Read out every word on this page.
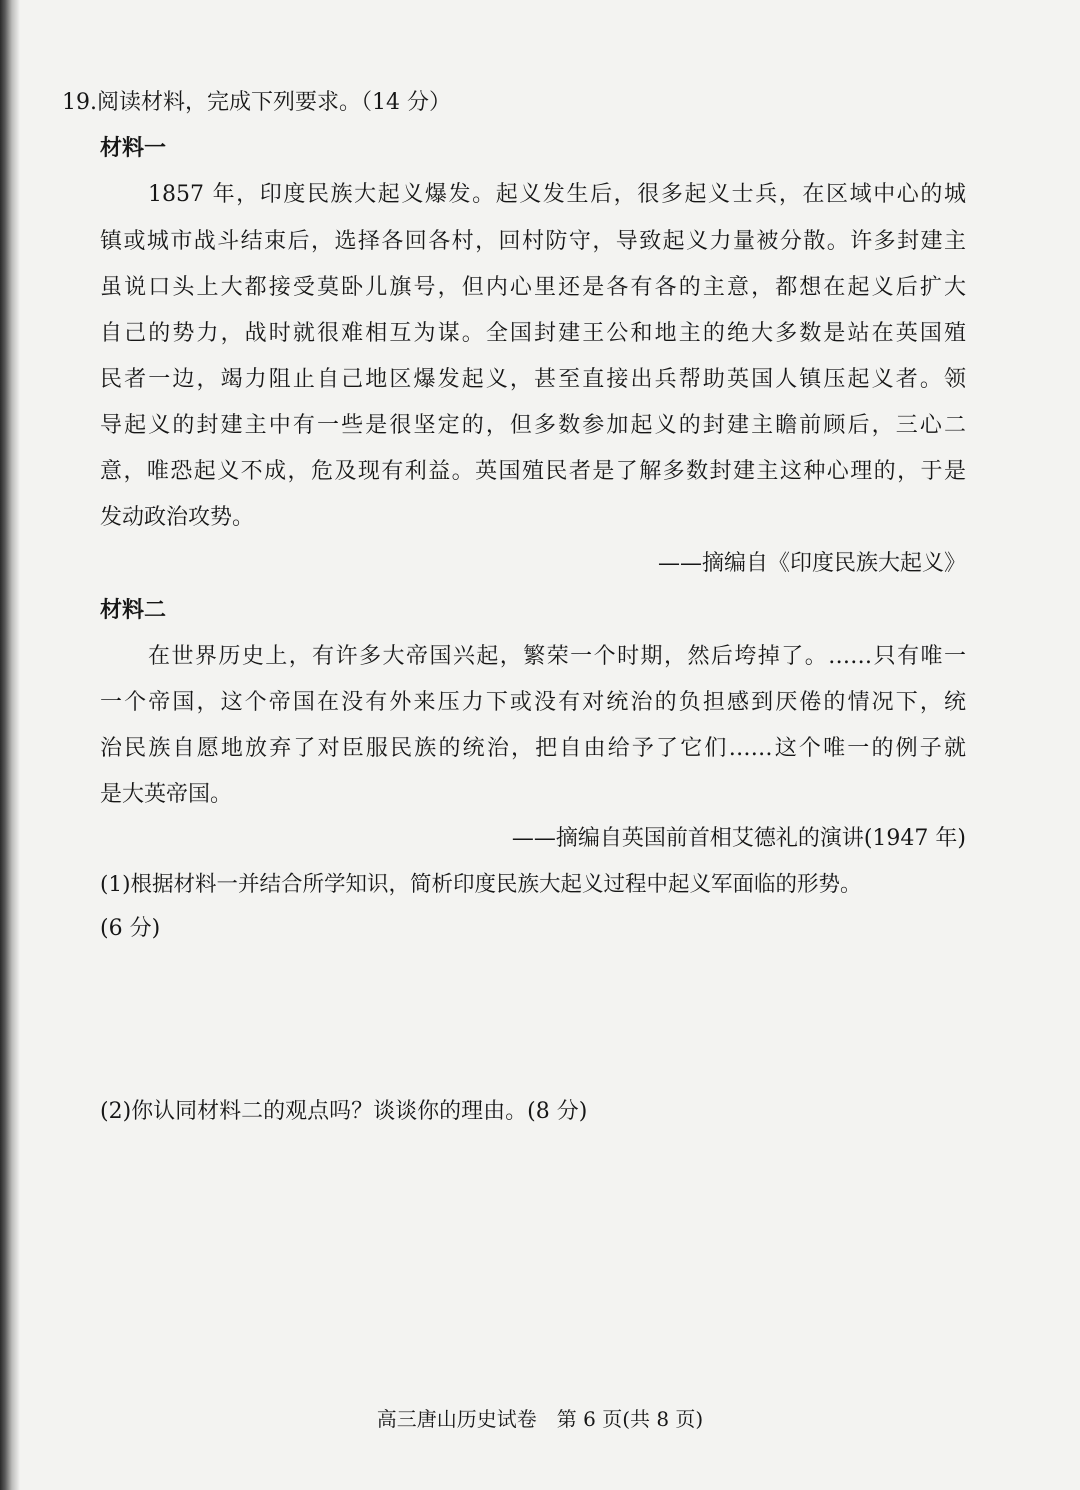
19.阅读材料，完成下列要求。（14 分）
材料一
1857 年，印度民族大起义爆发。起义发生后，很多起义士兵，在区域中心的城
镇或城市战斗结束后，选择各回各村，回村防守，导致起义力量被分散。许多封建主
虽说口头上大都接受莫卧儿旗号，但内心里还是各有各的主意，都想在起义后扩大
自己的势力，战时就很难相互为谋。全国封建王公和地主的绝大多数是站在英国殖
民者一边，竭力阻止自己地区爆发起义，甚至直接出兵帮助英国人镇压起义者。领
导起义的封建主中有一些是很坚定的，但多数参加起义的封建主瞻前顾后，三心二
意，唯恐起义不成，危及现有利益。英国殖民者是了解多数封建主这种心理的，于是
发动政治攻势。
——摘编自《印度民族大起义》
材料二
在世界历史上，有许多大帝国兴起，繁荣一个时期，然后垮掉了。……只有唯一
一个帝国，这个帝国在没有外来压力下或没有对统治的负担感到厌倦的情况下，统
治民族自愿地放弃了对臣服民族的统治，把自由给予了它们……这个唯一的例子就
是大英帝国。
——摘编自英国前首相艾德礼的演讲(1947 年)
(1)根据材料一并结合所学知识，简析印度民族大起义过程中起义军面临的形势。
(6 分)
(2)你认同材料二的观点吗？谈谈你的理由。(8 分)
高三唐山历史试卷　第 6 页(共 8 页)
